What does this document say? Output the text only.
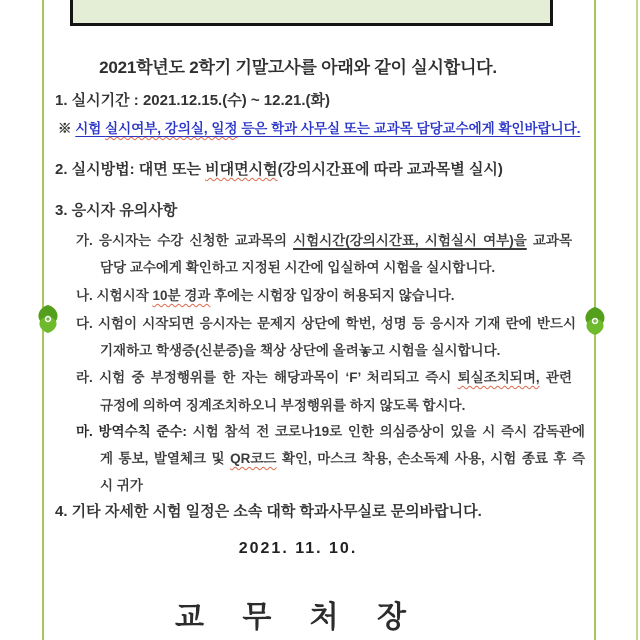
2021학년도 2학기 기말고사를 아래와 같이 실시합니다.
1. 실시기간 : 2021.12.15.(수) ~ 12.21.(화)
※ 시험 실시여부, 강의실, 일정 등은 학과 사무실 또는 교과목 담당교수에게 확인바랍니다.
2. 실시방법: 대면 또는 비대면시험(강의시간표에 따라 교과목별 실시)
3. 응시자 유의사항
가. 응시자는 수강 신청한 교과목의 시험시간(강의시간표, 시험실시 여부)을 교과목
담당 교수에게 확인하고 지정된 시간에 입실하여 시험을 실시합니다.
나. 시험시작 10분 경과 후에는 시험장 입장이 허용되지 않습니다.
다. 시험이 시작되면 응시자는 문제지 상단에 학번, 성명 등 응시자 기재 란에 반드시
기재하고 학생증(신분증)을 책상 상단에 올려놓고 시험을 실시합니다.
라. 시험 중 부정행위를 한 자는 해당과목이 ‘F’ 처리되고 즉시 퇴실조치되며, 관련
규정에 의하여 징계조치하오니 부정행위를 하지 않도록 합시다.
마. 방역수칙 준수: 시험 참석 전 코로나19로 인한 의심증상이 있을 시 즉시 감독관에
게 통보, 발열체크 및 QR코드 확인, 마스크 착용, 손소독제 사용, 시험 종료 후 즉
시 귀가
4. 기타 자세한 시험 일정은 소속 대학 학과사무실로 문의바랍니다.
2021. 11. 10.
교 무 처 장
